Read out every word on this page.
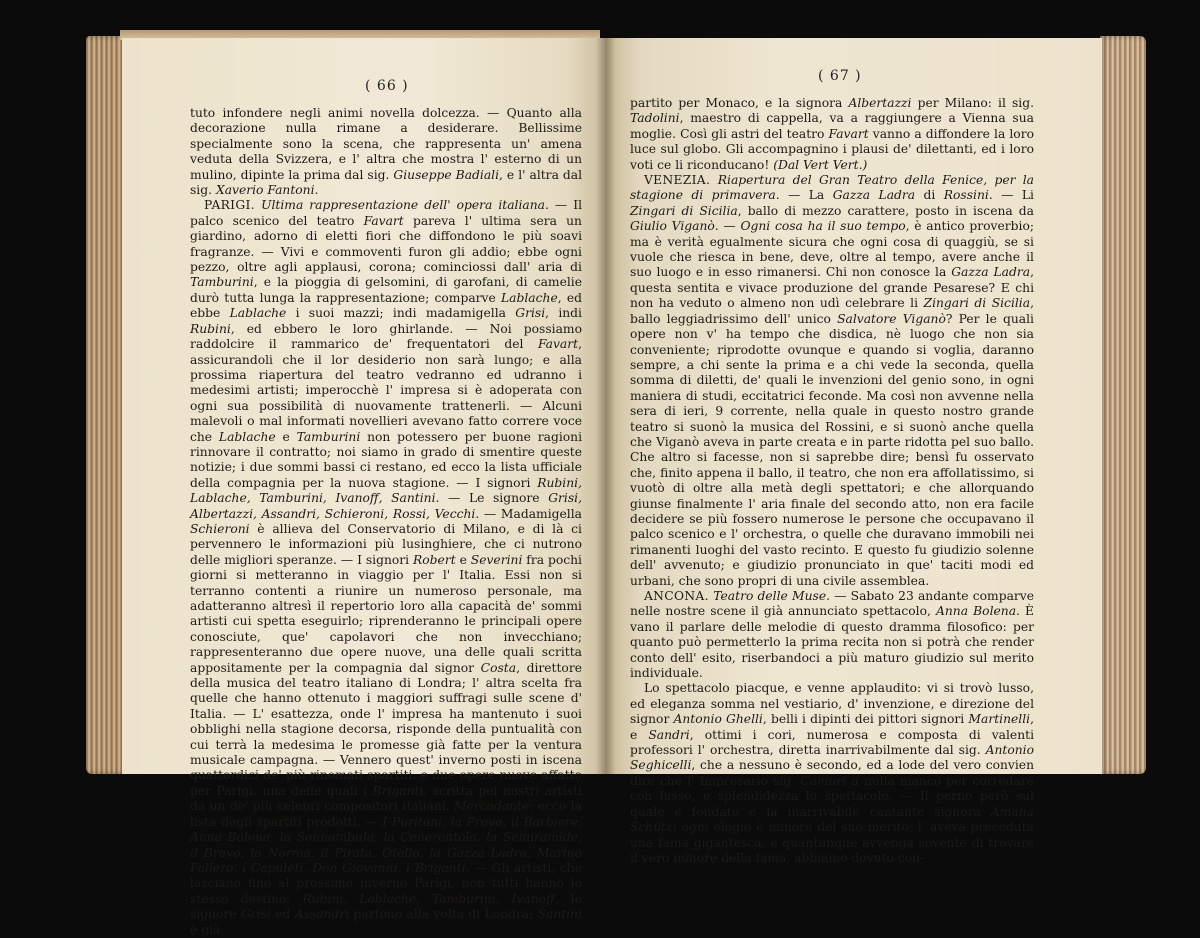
( 66 )
( 67 )

tuto infondere negli animi novella dolcezza. — Quanto alla decorazione nulla rimane a desiderare. Bellissime specialmente sono la scena, che rappresenta un' amena veduta della Svizzera, e l' altra che mostra l' esterno di un mulino, dipinte la prima dal sig. Giuseppe Badiali, e l' altra dal sig. Xaverio Fantoni.

PARIGI. Ultima rappresentazione dell' opera italiana. — Il palco scenico del teatro Favart pareva l' ultima sera un giardino, adorno di eletti fiori che diffondono le più soavi fragranze. — Vivi e commoventi furon gli addio; ebbe ogni pezzo, oltre agli applausi, corona; cominciossi dall' aria di Tamburini, e la pioggia di gelsomini, di garofani, di camelie durò tutta lunga la rappresentazione; comparve Lablache, ed ebbe Lablache i suoi mazzi; indi madamigella Grisi, indi Rubini, ed ebbero le loro ghirlande. — Noi possiamo raddolcire il rammarico de' frequentatori del Favart, assicurandoli che il lor desiderio non sarà lungo; e alla prossima riapertura del teatro vedranno ed udranno i medesimi artisti; imperocchè l' impresa si è adoperata con ogni sua possibilità di nuovamente trattenerli. — Alcuni malevoli o mal informati novellieri avevano fatto correre voce che Lablache e Tamburini non potessero per buone ragioni rinnovare il contratto; noi siamo in grado di smentire queste notizie; i due sommi bassi ci restano, ed ecco la lista ufficiale della compagnia per la nuova stagione. — I signori Rubini, Lablache, Tamburini, Ivanoff, Santini. — Le signore Grisi, Albertazzi, Assandri, Schieroni, Rossi, Vecchi. — Madamigella Schieroni è allieva del Conservatorio di Milano, e di là ci pervennero le informazioni più lusinghiere, che ci nutrono delle migliori speranze. — I signori Robert e Severini fra pochi giorni si metteranno in viaggio per l' Italia. Essi non si terranno contenti a riunire un numeroso personale, ma adatteranno altresì il repertorio loro alla capacità de' sommi artisti cui spetta eseguirlo; riprenderanno le principali opere conosciute, que' capolavori che non invecchiano; rappresenteranno due opere nuove, una delle quali scritta appositamente per la compagnia dal signor Costa, direttore della musica del teatro italiano di Londra; l' altra scelta fra quelle che hanno ottenuto i maggiori suffragi sulle scene d' Italia. — L' esattezza, onde l' impresa ha mantenuto i suoi obblighi nella stagione decorsa, risponde della puntualità con cui terrà la medesima le promesse già fatte per la ventura musicale campagna. — Vennero quest' inverno posti in iscena quattordici de' più rinomati spartiti, e due opere nuove affatto per Parigi, una delle quali i Briganti, scritta pei nostri artisti da un de' più celebri compositori italiani, Mercadante: ecco la lista degli spartiti prodotti. — I Puritani, la Prova, il Barbiere, Anna Bolena, la Sonnambula, la Cenerentola, la Semiramide, il Bravo, la Norma, il Pirata, Otello, la Gazza Ladra, Marino Faliero, i Capuleti, Don Giovanni, i Briganti. — Gli artisti, che lasciano fino al prossimo inverno Parigi, non tutti hanno lo stesso destino: Rubini, Lablache, Tamburini, Ivanoff, le signore Grisi ed Assandri partono alla volta di Londra; Santini è già

partito per Monaco, e la signora Albertazzi per Milano: il sig. Tadolini, maestro di cappella, va a raggiungere a Vienna sua moglie. Così gli astri del teatro Favart vanno a diffondere la loro luce sul globo. Gli accompagnino i plausi de' dilettanti, ed i loro voti ce li riconducano! (Dal Vert Vert.)

VENEZIA. Riapertura del Gran Teatro della Fenice, per la stagione di primavera. — La Gazza Ladra di Rossini. — Li Zingari di Sicilia, ballo di mezzo carattere, posto in iscena da Giulio Viganò. — Ogni cosa ha il suo tempo, è antico proverbio; ma è verità egualmente sicura che ogni cosa di quaggiù, se si vuole che riesca in bene, deve, oltre al tempo, avere anche il suo luogo e in esso rimanersi. Chi non conosce la Gazza Ladra, questa sentita e vivace produzione del grande Pesarese? E chi non ha veduto o almeno non udì celebrare li Zingari di Sicilia, ballo leggiadrissimo dell' unico Salvatore Viganò? Per le quali opere non v' ha tempo che disdica, nè luogo che non sia conveniente; riprodotte ovunque e quando si voglia, daranno sempre, a chi sente la prima e a chi vede la seconda, quella somma di diletti, de' quali le invenzioni del genio sono, in ogni maniera di studi, eccitatrici feconde. Ma così non avvenne nella sera di ieri, 9 corrente, nella quale in questo nostro grande teatro si suonò la musica del Rossini, e si suonò anche quella che Viganò aveva in parte creata e in parte ridotta pel suo ballo. Che altro si facesse, non si saprebbe dire; bensì fu osservato che, finito appena il ballo, il teatro, che non era affollatissimo, si vuotò di oltre alla metà degli spettatori; e che allorquando giunse finalmente l' aria finale del secondo atto, non era facile decidere se più fossero numerose le persone che occupavano il palco scenico e l' orchestra, o quelle che duravano immobili nei rimanenti luoghi del vasto recinto. E questo fu giudizio solenne dell' avvenuto; e giudizio pronunciato in que' taciti modi ed urbani, che sono propri di una civile assemblea.

ANCONA. Teatro delle Muse. — Sabato 23 andante comparve nelle nostre scene il già annunciato spettacolo, Anna Bolena. È vano il parlare delle melodie di questo dramma filosofico: per quanto può permetterlo la prima recita non si potrà che render conto dell' esito, riserbandoci a più maturo giudizio sul merito individuale.

Lo spettacolo piacque, e venne applaudito: vi si trovò lusso, ed eleganza somma nel vestiario, d' invenzione, e direzione del signor Antonio Ghelli, belli i dipinti dei pittori signori Martinelli, e Sandri, ottimi i cori, numerosa e composta di valenti professori l' orchestra, diretta inarrivabilmente dal sig. Antonio Seghicelli, che a nessuno è secondo, ed a lode del vero convien dire che l' Impresario sig. Camuri a nulla mancò per corredare con lusso, e splendidezza lo spettacolo. — Il perno però sul quale è fondato è la inarrivabile cantante signora Amalia Schütz; ogni elogio è minore del suo merito; l' aveva preceduta una fama gigantesca, e quantunque avvenga sovente di trovare il vero minore della fama, abbiamo dovuto con-
